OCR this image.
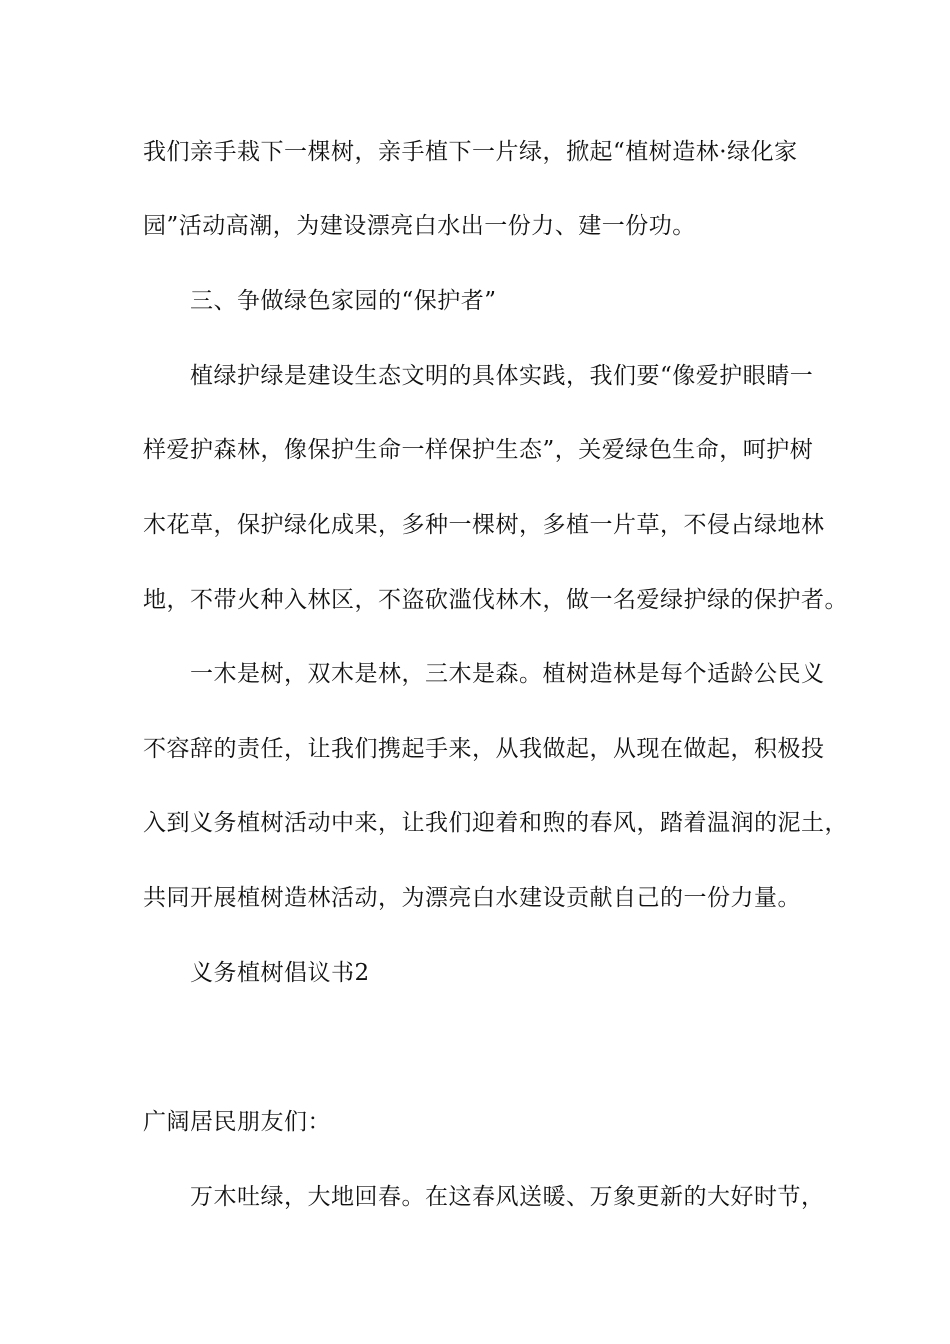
我们亲手栽下一棵树，亲手植下一片绿，掀起“植树造林·绿化家
园”活动高潮，为建设漂亮白水出一份力、建一份功。
三、争做绿色家园的“保护者”
植绿护绿是建设生态文明的具体实践，我们要“像爱护眼睛一
样爱护森林，像保护生命一样保护生态”，关爱绿色生命，呵护树
木花草，保护绿化成果，多种一棵树，多植一片草，不侵占绿地林
地，不带火种入林区，不盗砍滥伐林木，做一名爱绿护绿的保护者。
一木是树，双木是林，三木是森。植树造林是每个适龄公民义
不容辞的责任，让我们携起手来，从我做起，从现在做起，积极投
入到义务植树活动中来，让我们迎着和煦的春风，踏着温润的泥土，
共同开展植树造林活动，为漂亮白水建设贡献自己的一份力量。
义务植树倡议书2
广阔居民朋友们：
万木吐绿，大地回春。在这春风送暖、万象更新的大好时节，
